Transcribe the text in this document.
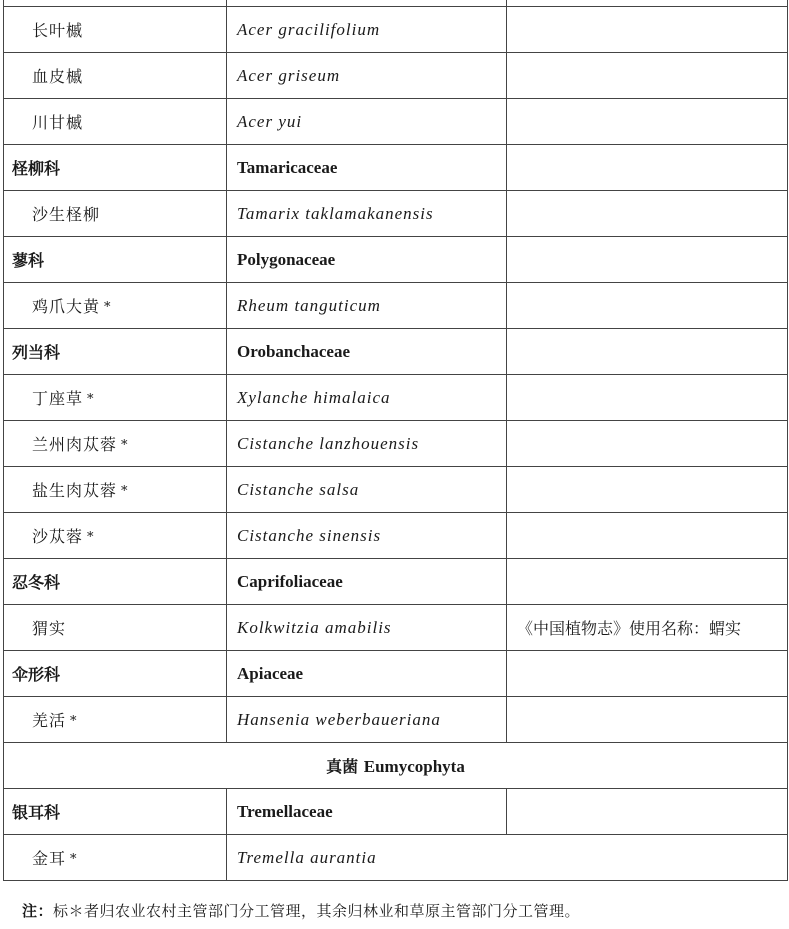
长叶槭	Acer gracilifolium	
血皮槭	Acer griseum	
川甘槭	Acer yui	
柽柳科	Tamaricaceae	
沙生柽柳	Tamarix taklamakanensis	
蓼科	Polygonaceae	
鸡爪大黄 *	Rheum tanguticum	
列当科	Orobanchaceae	
丁座草 *	Xylanche himalaica	
兰州肉苁蓉 *	Cistanche lanzhouensis	
盐生肉苁蓉 *	Cistanche salsa	
沙苁蓉 *	Cistanche sinensis	
忍冬科	Caprifoliaceae	
猬实	Kolkwitzia amabilis	《中国植物志》使用名称：蝟实
伞形科	Apiaceae	
羌活 *	Hansenia weberbaueriana	
真菌 Eumycophyta		
银耳科	Tremellaceae	
金耳 *	Tremella aurantia	
注：标＊者归农业农村主管部门分工管理，其余归林业和草原主管部门分工管理。
